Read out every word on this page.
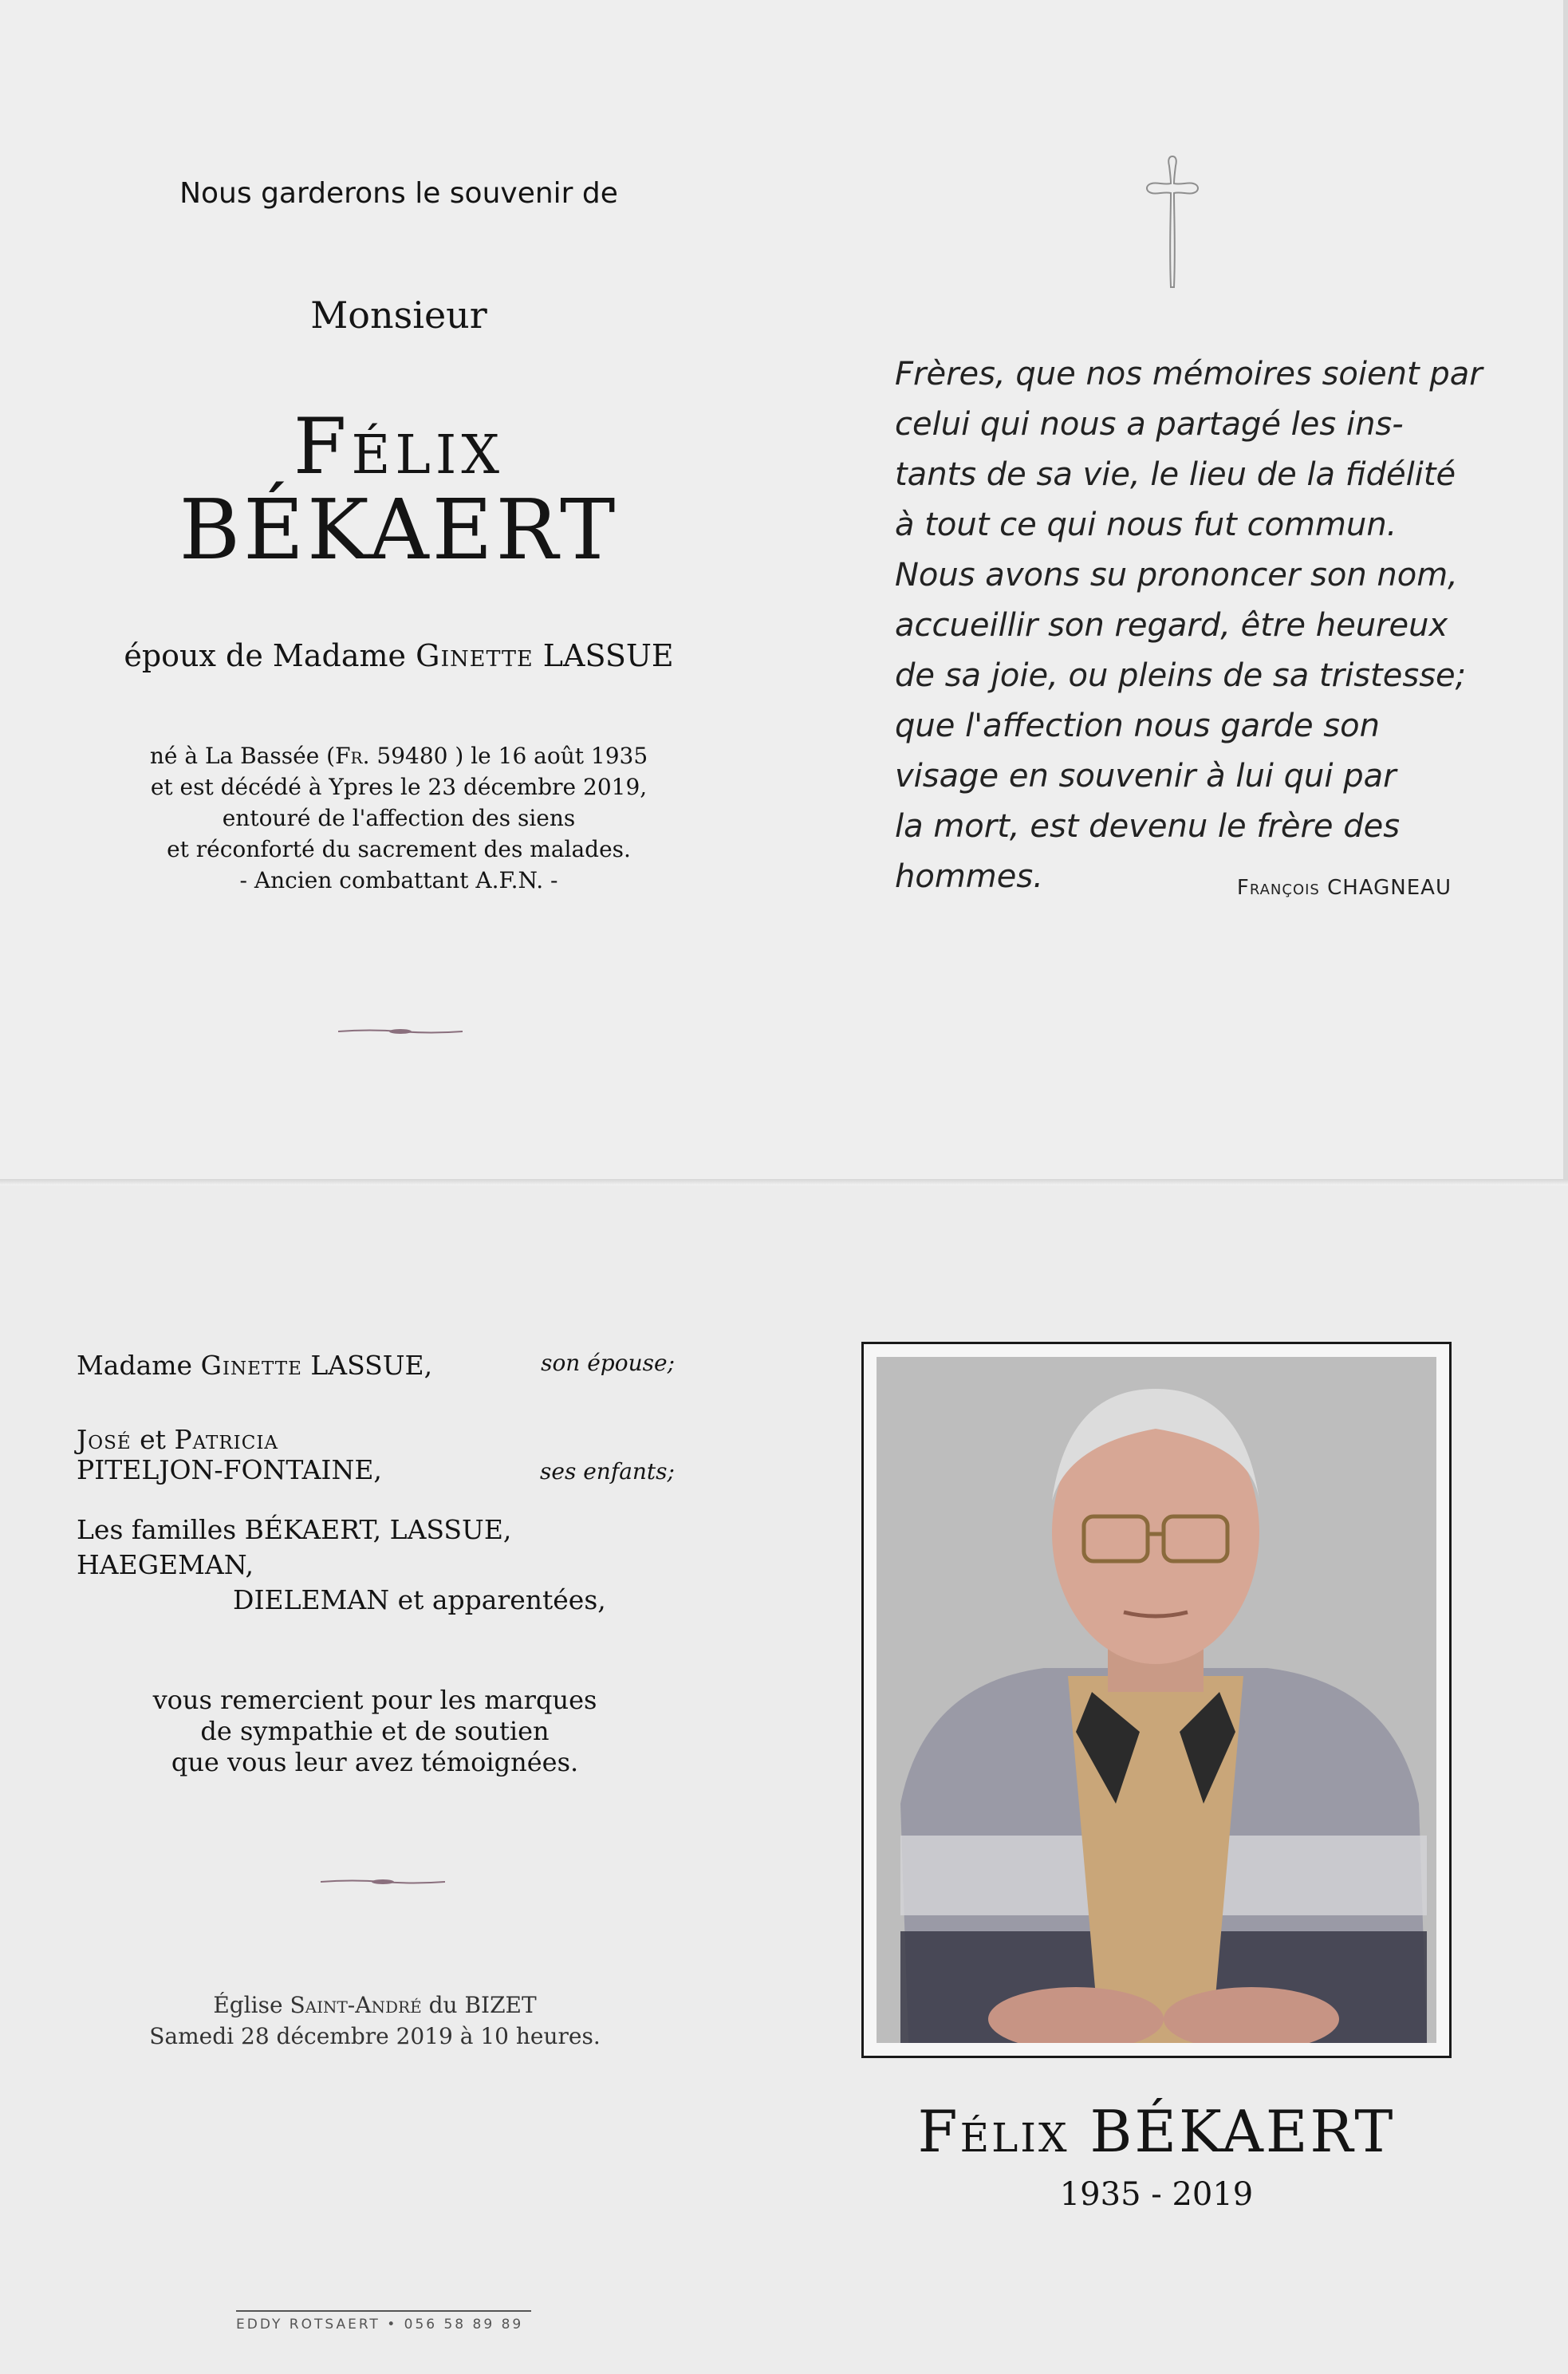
Nous garderons le souvenir de
Monsieur
Félix
BÉKAERT
époux de Madame Ginette LASSUE
né à La Bassée (Fr. 59480 ) le 16 août 1935
et est décédé à Ypres le 23 décembre 2019,
entouré de l'affection des siens
et réconforté du sacrement des malades.
- Ancien combattant A.F.N. -
Frères, que nos mémoires soient par
celui qui nous a partagé les ins-
tants de sa vie, le lieu de la fidélité
à tout ce qui nous fut commun.
Nous avons su prononcer son nom,
accueillir son regard, être heureux
de sa joie, ou pleins de sa tristesse;
que l'affection nous garde son
visage en souvenir à lui qui par
la mort, est devenu le frère des
hommes.	François CHAGNEAU
Madame Ginette LASSUE,	son épouse;
José et Patricia
PITELJON-FONTAINE,	ses enfants;
Les familles BÉKAERT, LASSUE, HAEGEMAN,
DIELEMAN et apparentées,
vous remercient pour les marques
de sympathie et de soutien
que vous leur avez témoignées.
Église Saint-André du BIZET
Samedi 28 décembre 2019 à 10 heures.
Félix BÉKAERT
1935 - 2019
EDDY ROTSAERT • 056 58 89 89
